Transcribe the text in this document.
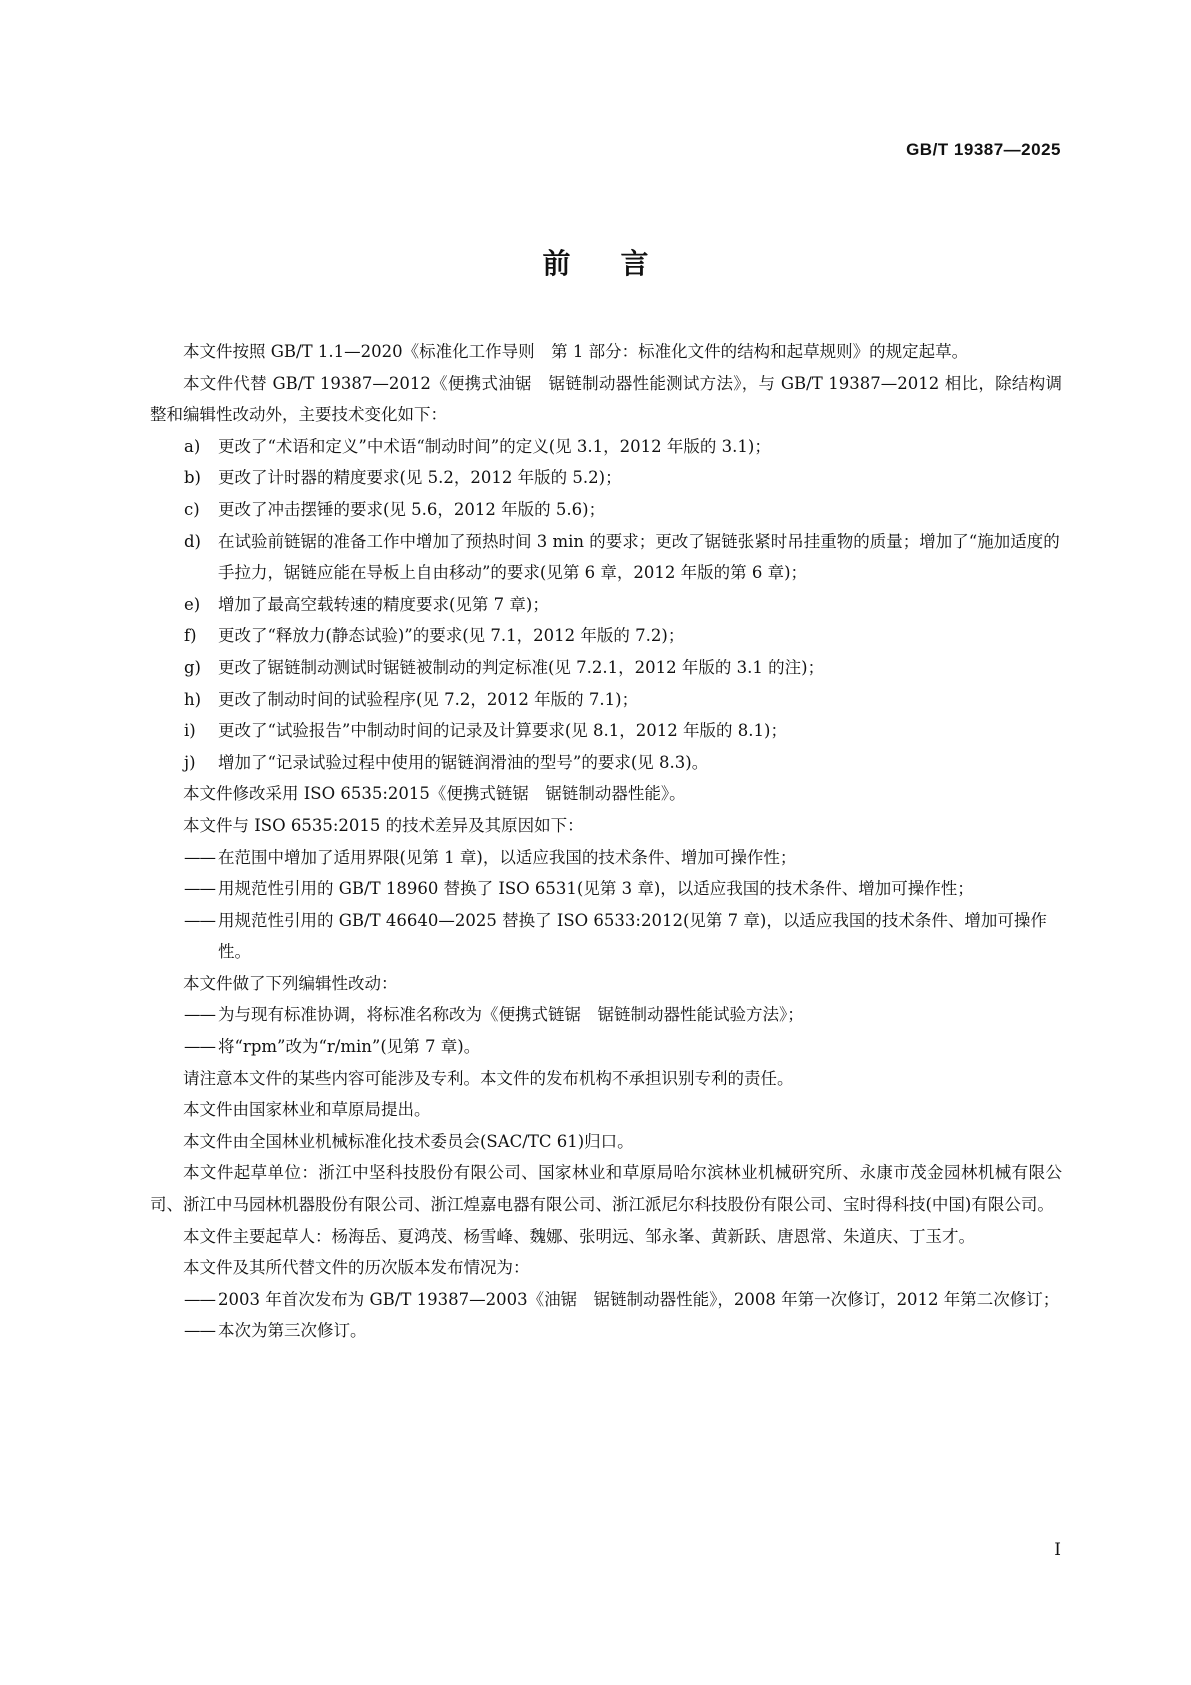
GB/T 19387—2025
前言

本文件按照 GB/T 1.1—2020《标准化工作导则　第 1 部分：标准化文件的结构和起草规则》的规定起草。

本文件代替 GB/T 19387—2012《便携式油锯　锯链制动器性能测试方法》，与 GB/T 19387—2012 相比，除结构调整和编辑性改动外，主要技术变化如下：

a) 更改了“术语和定义”中术语“制动时间”的定义(见 3.1，2012 年版的 3.1)；

b) 更改了计时器的精度要求(见 5.2，2012 年版的 5.2)；

c) 更改了冲击摆锤的要求(见 5.6，2012 年版的 5.6)；

d) 在试验前链锯的准备工作中增加了预热时间 3 min 的要求；更改了锯链张紧时吊挂重物的质量；增加了“施加适度的手拉力，锯链应能在导板上自由移动”的要求(见第 6 章，2012 年版的第 6 章)；

e) 增加了最高空载转速的精度要求(见第 7 章)；

f) 更改了“释放力(静态试验)”的要求(见 7.1，2012 年版的 7.2)；

g) 更改了锯链制动测试时锯链被制动的判定标准(见 7.2.1，2012 年版的 3.1 的注)；

h) 更改了制动时间的试验程序(见 7.2，2012 年版的 7.1)；

i) 更改了“试验报告”中制动时间的记录及计算要求(见 8.1，2012 年版的 8.1)；

j) 增加了“记录试验过程中使用的锯链润滑油的型号”的要求(见 8.3)。

本文件修改采用 ISO 6535:2015《便携式链锯　锯链制动器性能》。

本文件与 ISO 6535:2015 的技术差异及其原因如下：

—— 在范围中增加了适用界限(见第 1 章)，以适应我国的技术条件、增加可操作性；

—— 用规范性引用的 GB/T 18960 替换了 ISO 6531(见第 3 章)，以适应我国的技术条件、增加可操作性；

—— 用规范性引用的 GB/T 46640—2025 替换了 ISO 6533:2012(见第 7 章)，以适应我国的技术条件、增加可操作性。

本文件做了下列编辑性改动：

—— 为与现有标准协调，将标准名称改为《便携式链锯　锯链制动器性能试验方法》；

—— 将“rpm”改为“r/min”(见第 7 章)。

请注意本文件的某些内容可能涉及专利。本文件的发布机构不承担识别专利的责任。

本文件由国家林业和草原局提出。

本文件由全国林业机械标准化技术委员会(SAC/TC 61)归口。

本文件起草单位：浙江中坚科技股份有限公司、国家林业和草原局哈尔滨林业机械研究所、永康市茂金园林机械有限公司、浙江中马园林机器股份有限公司、浙江煌嘉电器有限公司、浙江派尼尔科技股份有限公司、宝时得科技(中国)有限公司。

本文件主要起草人：杨海岳、夏鸿茂、杨雪峰、魏娜、张明远、邹永峯、黄新跃、唐恩常、朱道庆、丁玉才。

本文件及其所代替文件的历次版本发布情况为：

—— 2003 年首次发布为 GB/T 19387—2003《油锯　锯链制动器性能》，2008 年第一次修订，2012 年第二次修订；

—— 本次为第三次修订。

I
